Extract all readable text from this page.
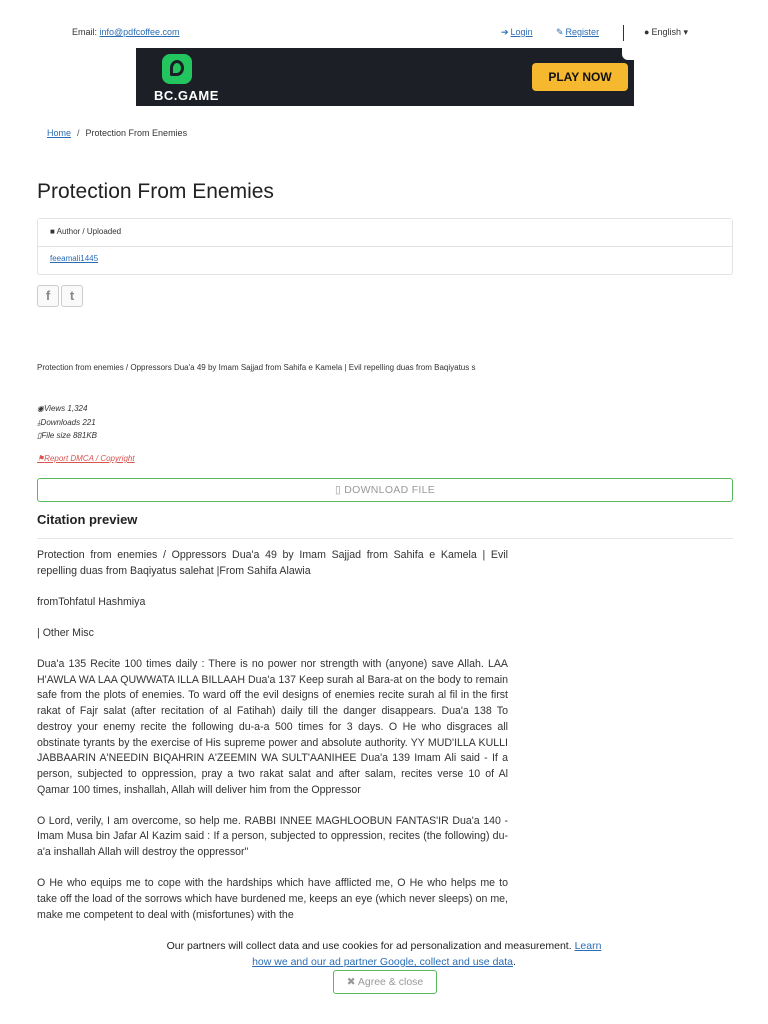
Email: info@pdfcoffee.com	➔ Login	✎ Register	● English ▾
BC.GAME
PLAY NOW
Home / Protection From Enemies
Protection From Enemies
■ Author / Uploaded
feeamali1445
f t
Protection from enemies / Oppressors Dua'a 49 by Imam Sajjad from Sahifa e Kamela | Evil repelling duas from Baqiyatus s
◉Views 1,324
⤓Downloads 221
▯File size 881KB
⚑Report DMCA / Copyright
▯ DOWNLOAD FILE
Citation preview

Protection from enemies / Oppressors Dua'a 49 by Imam Sajjad from Sahifa e Kamela | Evil repelling duas from Baqiyatus salehat |From Sahifa Alawia

fromTohfatul Hashmiya

| Other Misc

Dua'a 135 Recite 100 times daily : There is no power nor strength with (anyone) save Allah. LAA H'AWLA WA LAA QUWWATA ILLA BILLAAH Dua'a 137 Keep surah al Bara-at on the body to remain safe from the plots of enemies. To ward off the evil designs of enemies recite surah al fil in the first rakat of Fajr salat (after recitation of al Fatihah) daily till the danger disappears. Dua'a 138 To destroy your enemy recite the following du-a-a 500 times for 3 days. O He who disgraces all obstinate tyrants by the exercise of His supreme power and absolute authority. YY MUD'ILLA KULLI JABBAARIN A'NEEDIN BIQAHRIN A'ZEEMIN WA SULT'AANIHEE Dua'a 139 Imam Ali said - If a person, subjected to oppression, pray a two rakat salat and after salam, recites verse 10 of Al Qamar 100 times, inshallah, Allah will deliver him from the Oppressor

O Lord, verily, I am overcome, so help me. RABBI INNEE MAGHLOOBUN FANTAS'IR Dua'a 140 -Imam Musa bin Jafar Al Kazim said : If a person, subjected to oppression, recites (the following) du-a'a inshallah Allah will destroy the oppressor"

O He who equips me to cope with the hardships which have afflicted me, O He who helps me to take off the load of the sorrows which have burdened me, keeps an eye (which never sleeps) on me, make me competent to deal with (misfortunes) with the

Our partners will collect data and use cookies for ad personalization and measurement. Learn how we and our ad partner Google, collect and use data.
✖ Agree & close
